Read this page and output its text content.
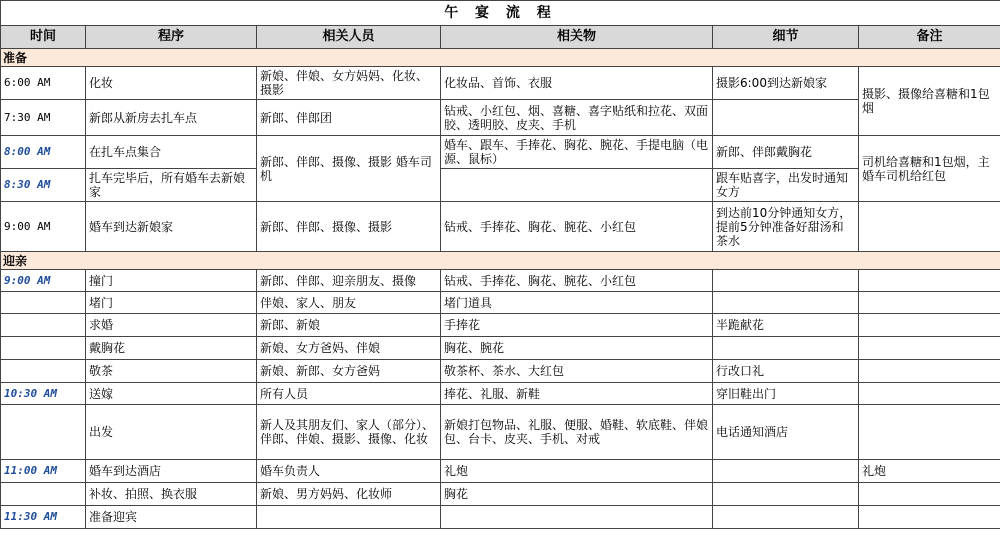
午 宴 流 程					
时间	程序	相关人员	相关物	细节	备注
准备					
6:00 AM	化妆	新娘、伴娘、女方妈妈、化妆、摄影	化妆品、首饰、衣服	摄影6:00到达新娘家	摄影、摄像给喜糖和1包烟
7:30 AM	新郎从新房去扎车点	新郎、伴郎团	钻戒、小红包、烟、喜糖、喜字贴纸和拉花、双面胶、透明胶、皮夹、手机		
8:00 AM	在扎车点集合	新郎、伴郎、摄像、摄影 婚车司机	婚车、跟车、手捧花、胸花、腕花、手提电脑（电源、鼠标）	新郎、伴郎戴胸花	司机给喜糖和1包烟，主婚车司机给红包
8:30 AM	扎车完毕后，所有婚车去新娘家			跟车贴喜字，出发时通知女方	
9:00 AM	婚车到达新娘家	新郎、伴郎、摄像、摄影	钻戒、手捧花、胸花、腕花、小红包	到达前10分钟通知女方，提前5分钟准备好甜汤和茶水	
迎亲					
9:00 AM	撞门	新郎、伴郎、迎亲朋友、摄像	钻戒、手捧花、胸花、腕花、小红包		
	堵门	伴娘、家人、朋友	堵门道具		
	求婚	新郎、新娘	手捧花	半跪献花	
	戴胸花	新娘、女方爸妈、伴娘	胸花、腕花		
	敬茶	新娘、新郎、女方爸妈	敬茶杯、茶水、大红包	行改口礼	
10:30 AM	送嫁	所有人员	捧花、礼服、新鞋	穿旧鞋出门	
	出发	新人及其朋友们、家人（部分）、伴郎、伴娘、摄影、摄像、化妆	新娘打包物品、礼服、便服、婚鞋、软底鞋、伴娘包、台卡、皮夹、手机、对戒	电话通知酒店	
11:00 AM	婚车到达酒店	婚车负责人	礼炮		礼炮
	补妆、拍照、换衣服	新娘、男方妈妈、化妆师	胸花		
11:30 AM	准备迎宾				
